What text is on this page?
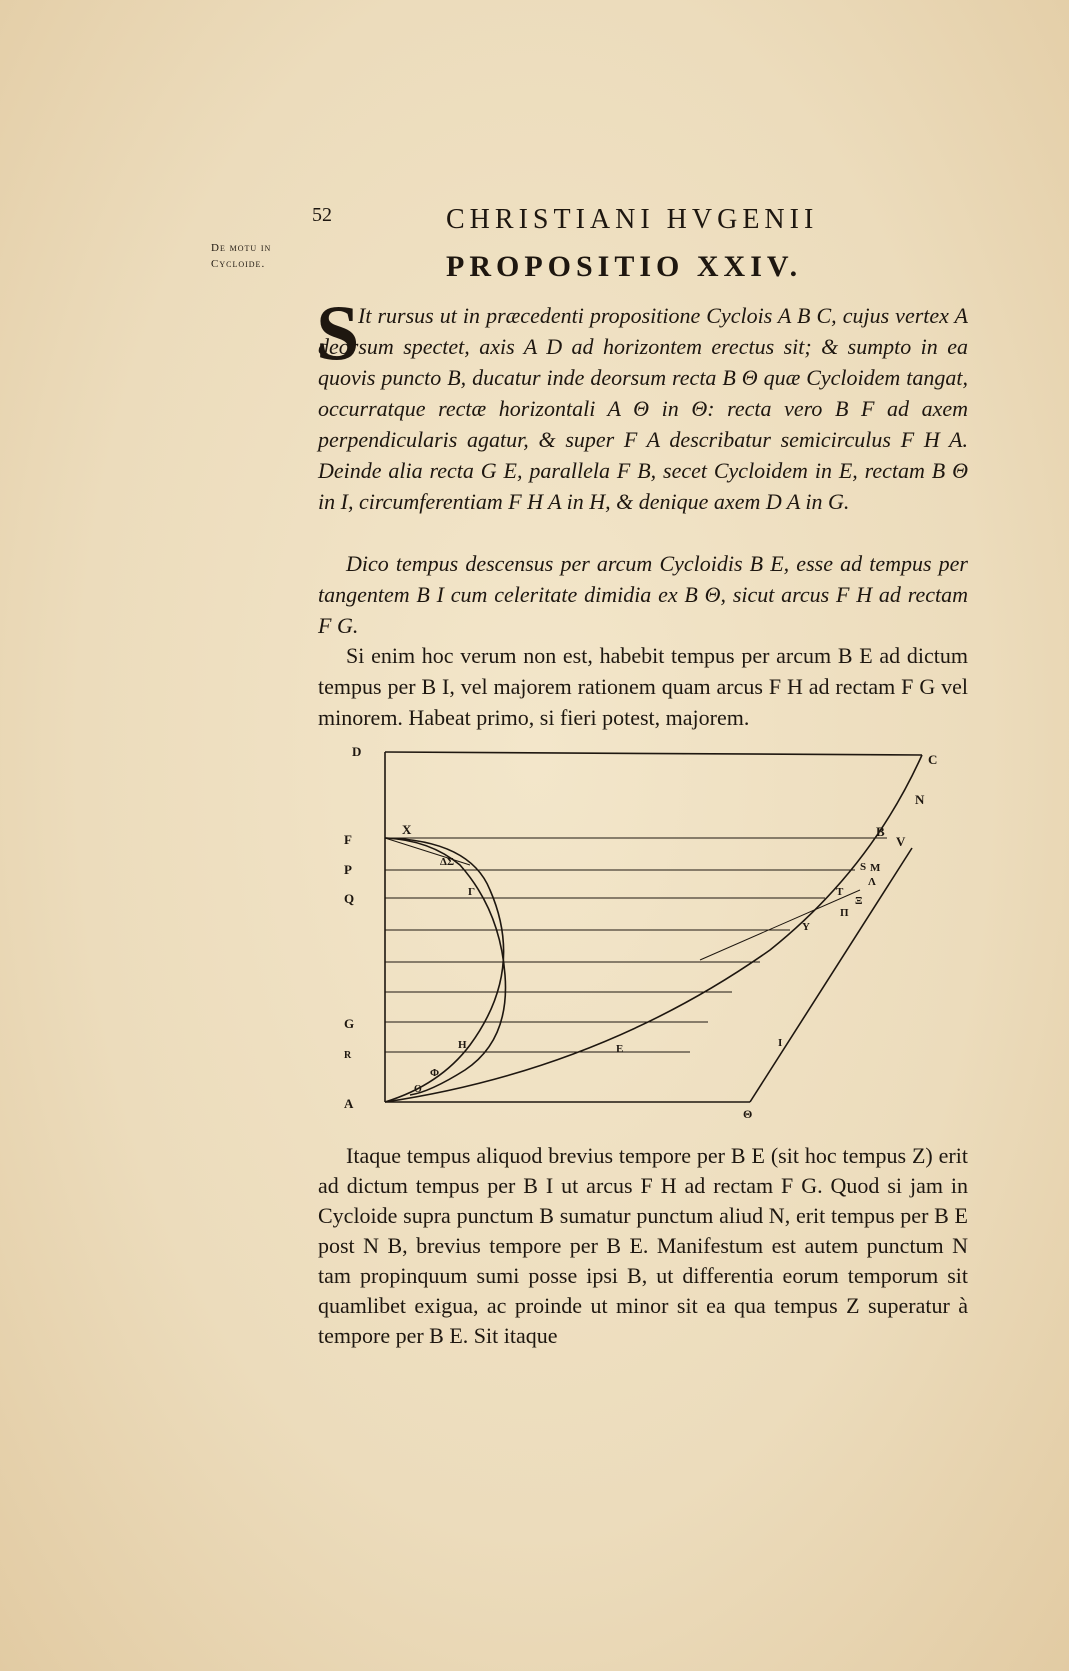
52	CHRISTIANI HVGENII
De motu in
Cycloide.	PROPOSITIO XXIV.
S
It rursus ut in præcedenti propositione Cyclois A B C, cujus vertex A deorsum spectet, axis A D ad horizontem erectus sit; & sumpto in ea quovis puncto B, ducatur inde deorsum recta B Θ quæ Cycloidem tangat, occurratque rectæ horizontali A Θ in Θ: recta vero B F ad axem perpendicularis agatur, & super F A describatur semicirculus F H A. Deinde alia recta G E, parallela F B, secet Cycloidem in E, rectam B Θ in I, circumferentiam F H A in H, & denique axem D A in G.
Dico tempus descensus per arcum Cycloidis B E, esse ad tempus per tangentem B I cum celeritate dimidia ex B Θ, sicut arcus F H ad rectam F G.
Si enim hoc verum non est, habebit tempus per arcum B E ad dictum tempus per B I, vel majorem rationem quam arcus F H ad rectam F G vel minorem. Habeat primo, si fieri potest, majorem.
D
C
N
F
X	B
V
P	ΔΣ	S M
Λ
Q	Γ	T
Ξ
Π
Y
G
H	E	I
R
Φ
O
A
Θ
Itaque tempus aliquod brevius tempore per B E (sit hoc tempus Z) erit ad dictum tempus per B I ut arcus F H ad rectam F G. Quod si jam in Cycloide supra punctum B sumatur punctum aliud N, erit tempus per B E post N B, brevius tempore per B E. Manifestum est autem punctum N tam propinquum sumi posse ipsi B, ut differentia eorum temporum sit quamlibet exigua, ac proinde ut minor sit ea qua tempus Z superatur à tempore per B E. Sit itaque
